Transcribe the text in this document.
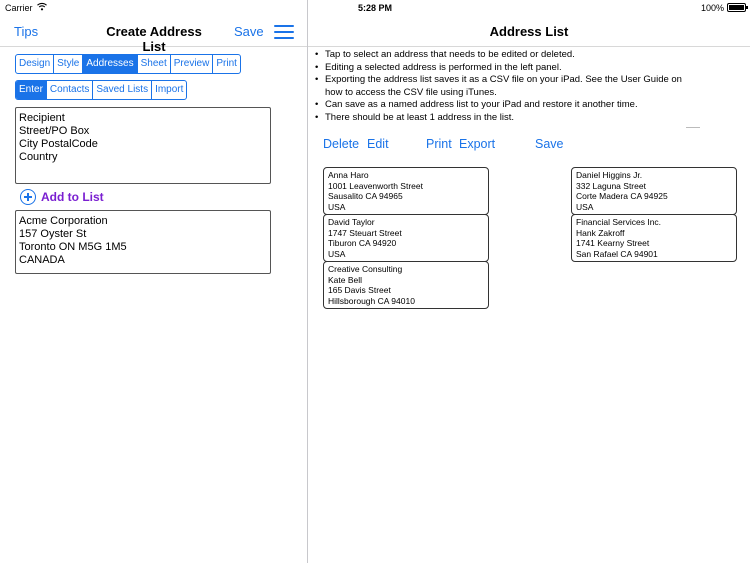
Carrier	5:28 PM	100%
Tips	Create Address List
Save
Design Style Addresses Sheet Preview Print
Enter Contacts Saved Lists Import
Recipient
Street/PO Box
City PostalCode
Country
Add to List
Acme Corporation
157 Oyster St
Toronto ON M5G 1M5
CANADA
Address List
• Tap to select an address that needs to be edited or deleted.
• Editing a selected address is performed in the left panel.
• Exporting the address list saves it as a CSV file on your iPad. See the User Guide on how to access the CSV file using iTunes.
• Can save as a named address list to your iPad and restore it another time.
• There should be at least 1 address in the list.
Delete Edit	Print Export	Save
Anna Haro
1001 Leavenworth Street
Sausalito CA 94965
USA
Daniel Higgins Jr.
332 Laguna Street
Corte Madera CA 94925
USA
David Taylor
1747 Steuart Street
Tiburon CA 94920
USA
Financial Services Inc.
Hank Zakroff
1741 Kearny Street
San Rafael CA 94901
Creative Consulting
Kate Bell
165 Davis Street
Hillsborough CA 94010
